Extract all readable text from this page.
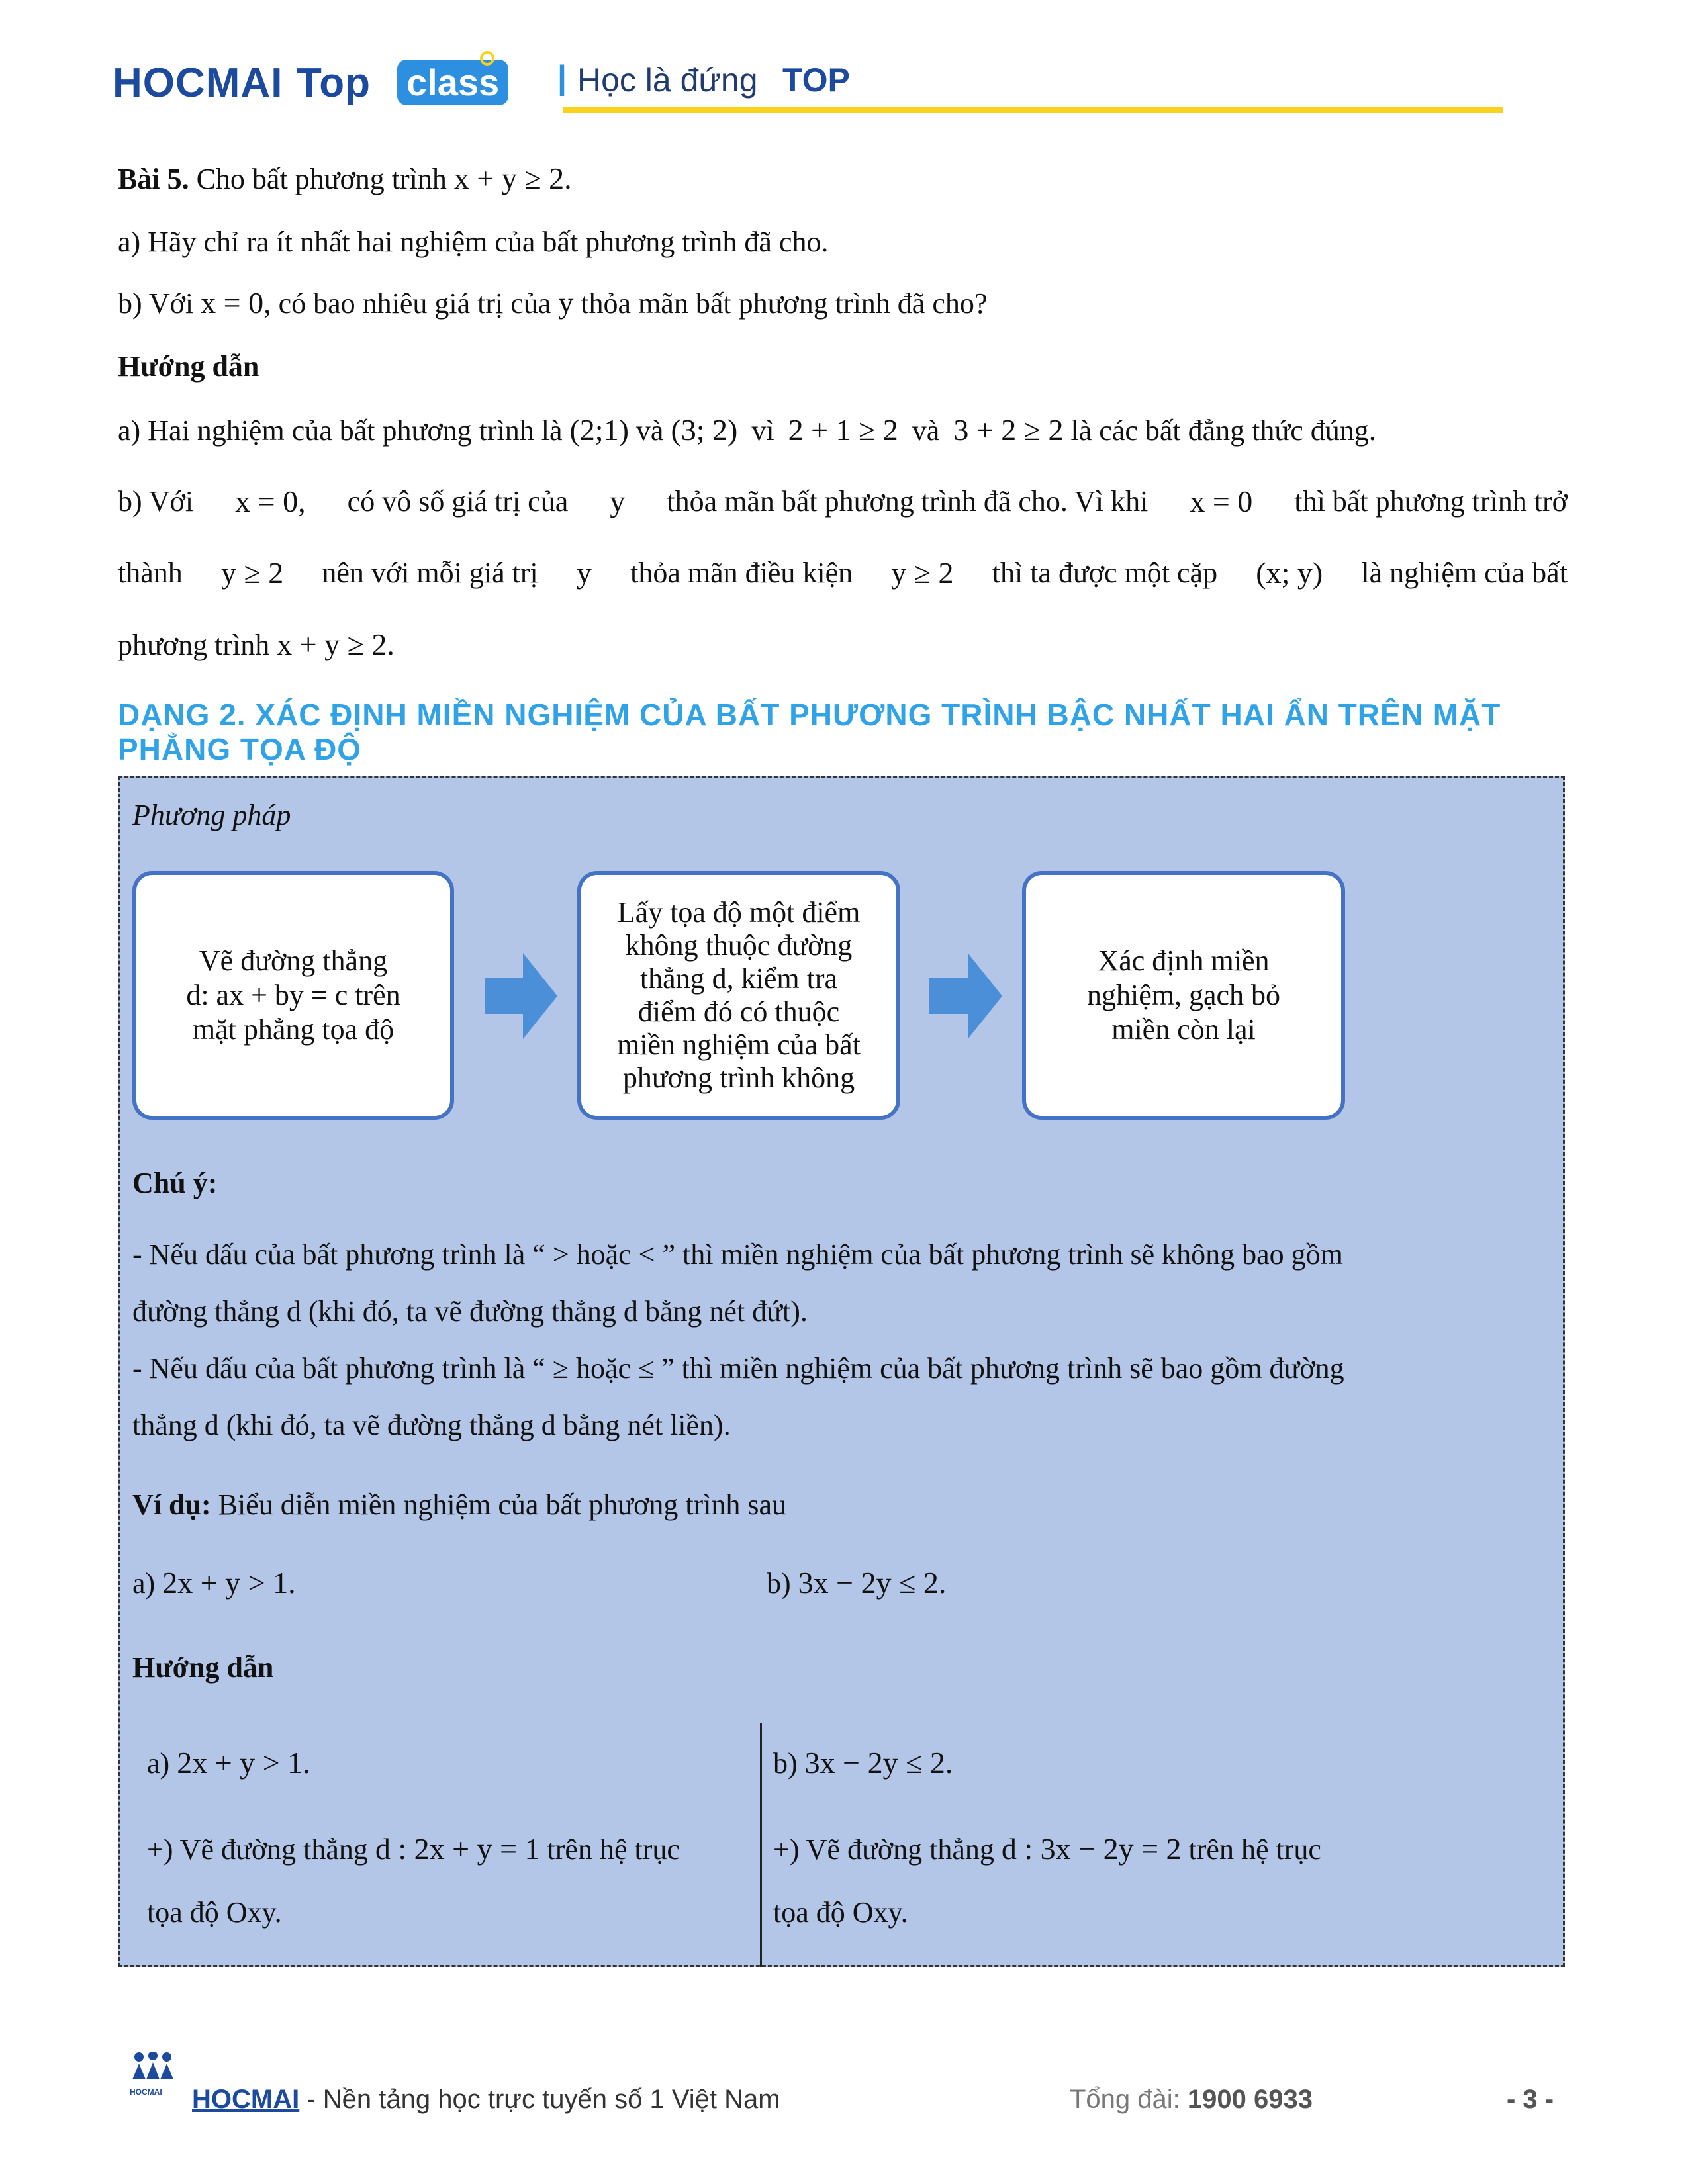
HOCMAI Top class | Học là đứng TOP
Bài 5. Cho bất phương trình x + y ≥ 2.
a) Hãy chỉ ra ít nhất hai nghiệm của bất phương trình đã cho.
b) Với x = 0, có bao nhiêu giá trị của y thỏa mãn bất phương trình đã cho?
Hướng dẫn
a) Hai nghiệm của bất phương trình là (2;1) và (3; 2) vì 2 + 1 ≥ 2 và 3 + 2 ≥ 2 là các bất đẳng thức đúng.
b) Với x = 0, có vô số giá trị của y thỏa mãn bất phương trình đã cho. Vì khi x = 0 thì bất phương trình trở
thành y ≥ 2 nên với mỗi giá trị y thỏa mãn điều kiện y ≥ 2 thì ta được một cặp (x; y) là nghiệm của bất
phương trình x + y ≥ 2.
DẠNG 2. XÁC ĐỊNH MIỀN NGHIỆM CỦA BẤT PHƯƠNG TRÌNH BẬC NHẤT HAI ẨN TRÊN MẶT
PHẲNG TỌA ĐỘ
Phương pháp
Vẽ đường thẳng
d: ax + by = c trên
mặt phẳng tọa độ
Lấy tọa độ một điểm
không thuộc đường
thẳng d, kiểm tra
điểm đó có thuộc
miền nghiệm của bất
phương trình không
Xác định miền
nghiệm, gạch bỏ
miền còn lại
Chú ý:
- Nếu dấu của bất phương trình là “ > hoặc < ” thì miền nghiệm của bất phương trình sẽ không bao gồm
đường thẳng d (khi đó, ta vẽ đường thẳng d bằng nét đứt).
- Nếu dấu của bất phương trình là “ ≥ hoặc ≤ ” thì miền nghiệm của bất phương trình sẽ bao gồm đường
thẳng d (khi đó, ta vẽ đường thẳng d bằng nét liền).
Ví dụ: Biểu diễn miền nghiệm của bất phương trình sau
a) 2x + y > 1.	b) 3x − 2y ≤ 2.
Hướng dẫn
a) 2x + y > 1.
+) Vẽ đường thẳng d : 2x + y = 1 trên hệ trục
tọa độ Oxy.
b) 3x − 2y ≤ 2.
+) Vẽ đường thẳng d : 3x − 2y = 2 trên hệ trục
tọa độ Oxy.
HOCMAI HOCMAI - Nền tảng học trực tuyến số 1 Việt Nam	Tổng đài: 1900 6933	- 3 -
